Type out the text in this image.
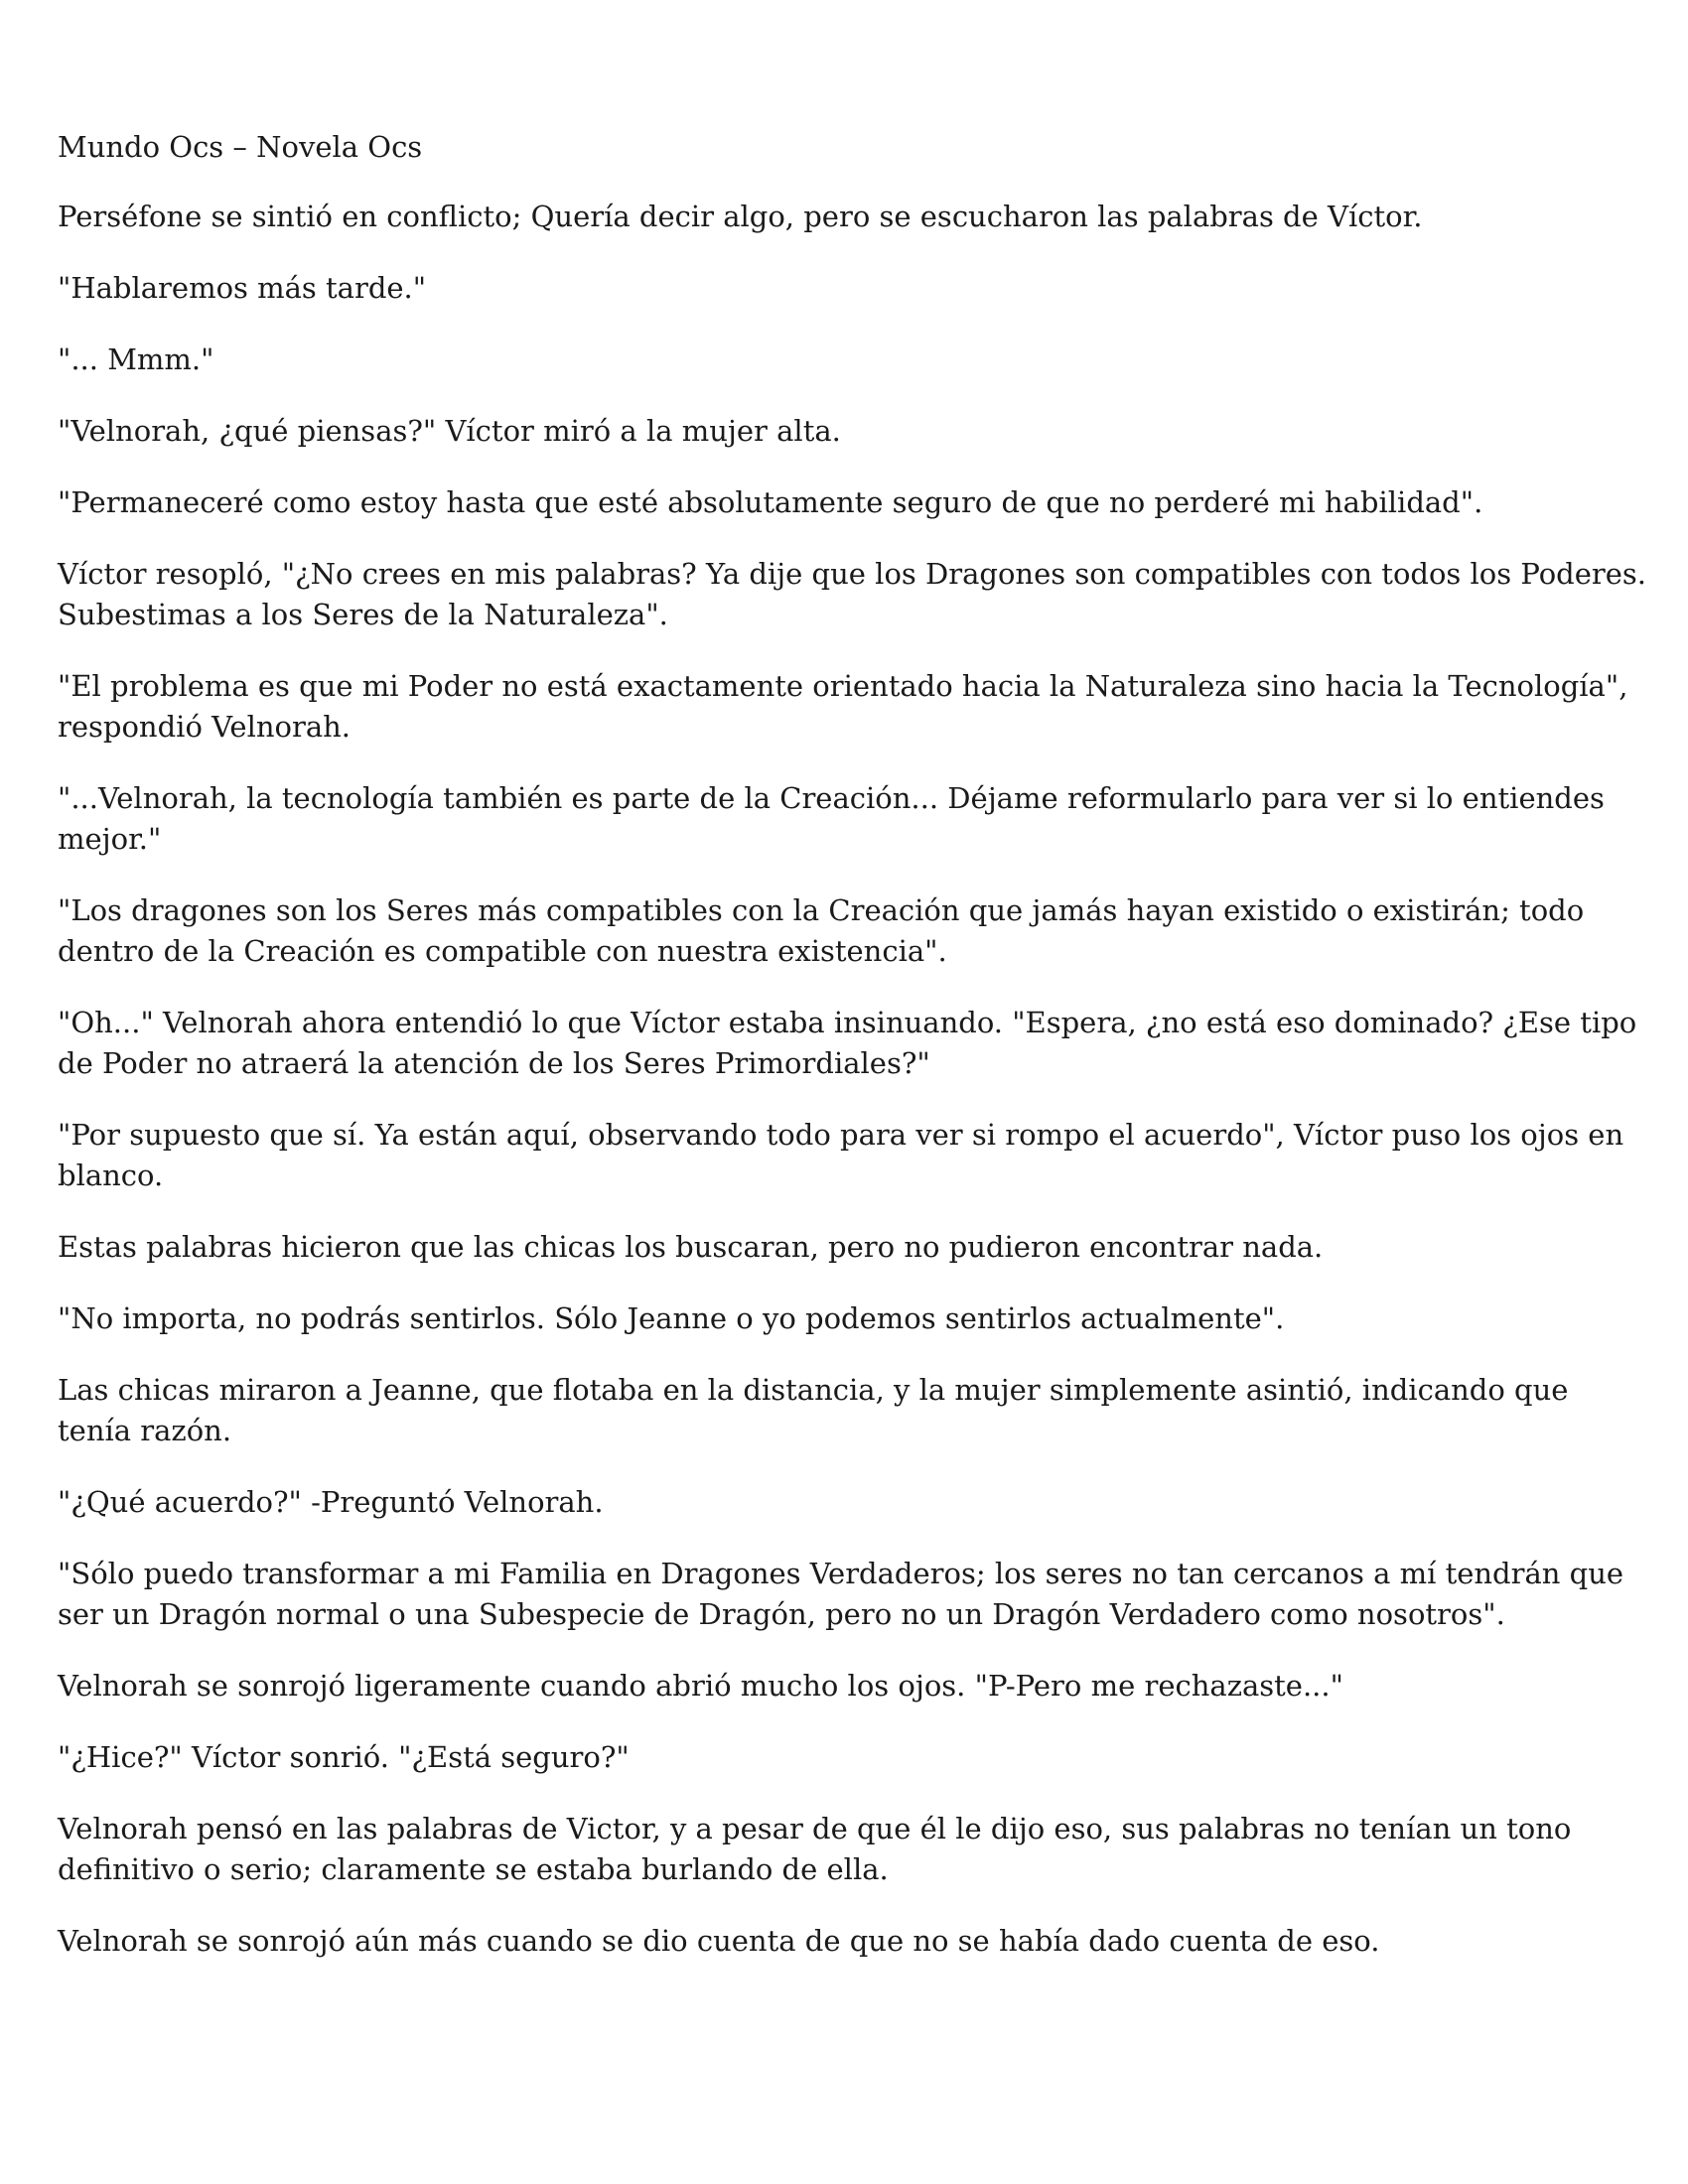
Mundo Ocs – Novela Ocs

Perséfone se sintió en conflicto; Quería decir algo, pero se escucharon las palabras de Víctor.

"Hablaremos más tarde."

"... Mmm."

"Velnorah, ¿qué piensas?" Víctor miró a la mujer alta.

"Permaneceré como estoy hasta que esté absolutamente seguro de que no perderé mi habilidad".

Víctor resopló, "¿No crees en mis palabras? Ya dije que los Dragones son compatibles con todos los Poderes. Subestimas a los Seres de la Naturaleza".

"El problema es que mi Poder no está exactamente orientado hacia la Naturaleza sino hacia la Tecnología", respondió Velnorah.

"...Velnorah, la tecnología también es parte de la Creación... Déjame reformularlo para ver si lo entiendes mejor."

"Los dragones son los Seres más compatibles con la Creación que jamás hayan existido o existirán; todo dentro de la Creación es compatible con nuestra existencia".

"Oh..." Velnorah ahora entendió lo que Víctor estaba insinuando. "Espera, ¿no está eso dominado? ¿Ese tipo de Poder no atraerá la atención de los Seres Primordiales?"

"Por supuesto que sí. Ya están aquí, observando todo para ver si rompo el acuerdo", Víctor puso los ojos en blanco.

Estas palabras hicieron que las chicas los buscaran, pero no pudieron encontrar nada.

"No importa, no podrás sentirlos. Sólo Jeanne o yo podemos sentirlos actualmente".

Las chicas miraron a Jeanne, que flotaba en la distancia, y la mujer simplemente asintió, indicando que tenía razón.

"¿Qué acuerdo?" -Preguntó Velnorah.

"Sólo puedo transformar a mi Familia en Dragones Verdaderos; los seres no tan cercanos a mí tendrán que ser un Dragón normal o una Subespecie de Dragón, pero no un Dragón Verdadero como nosotros".

Velnorah se sonrojó ligeramente cuando abrió mucho los ojos. "P-Pero me rechazaste..."

"¿Hice?" Víctor sonrió. "¿Está seguro?"

Velnorah pensó en las palabras de Victor, y a pesar de que él le dijo eso, sus palabras no tenían un tono definitivo o serio; claramente se estaba burlando de ella.

Velnorah se sonrojó aún más cuando se dio cuenta de que no se había dado cuenta de eso.
